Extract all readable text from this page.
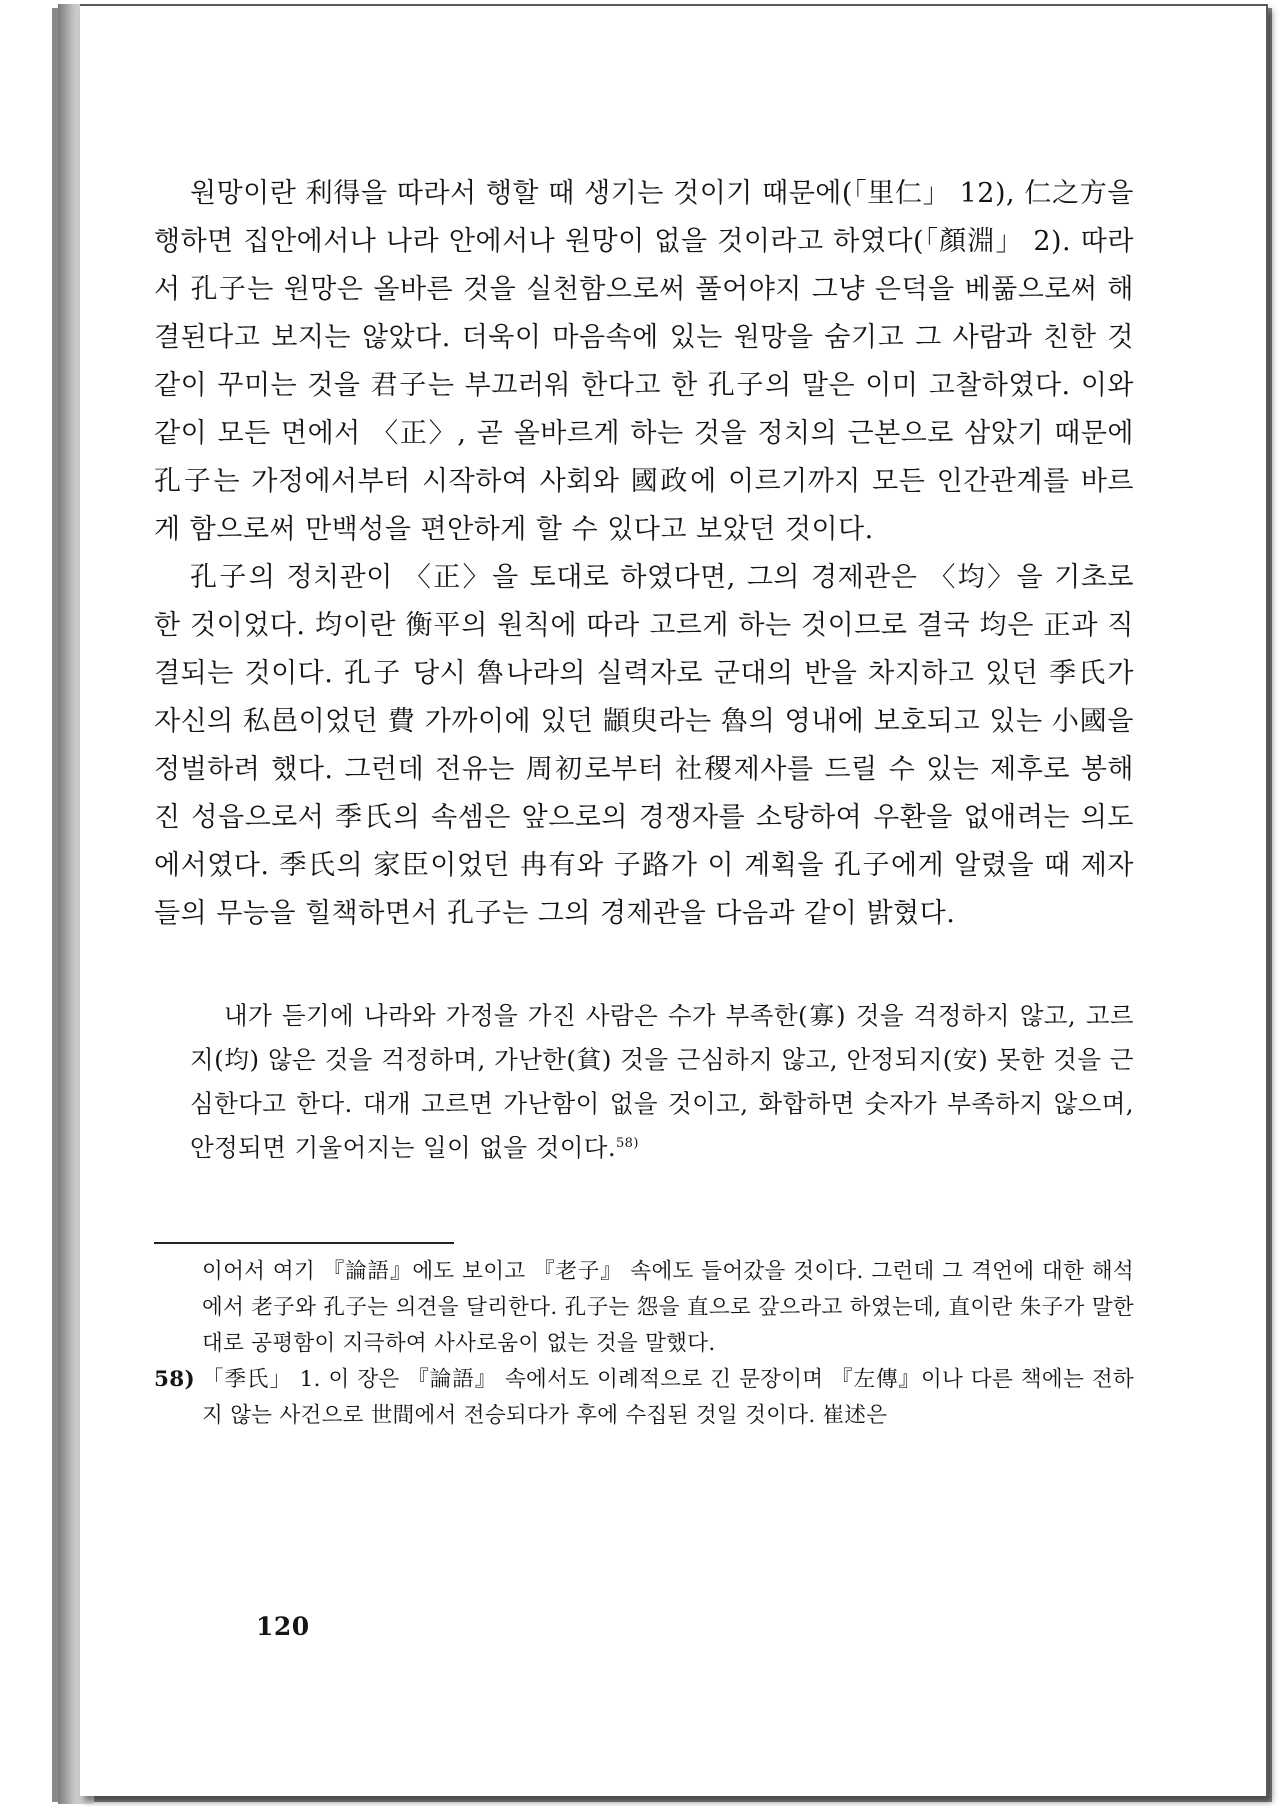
원망이란 利得을 따라서 행할 때 생기는 것이기 때문에(「里仁」 12), 仁之方을 행하면 집안에서나 나라 안에서나 원망이 없을 것이라고 하였다(「顏淵」 2). 따라서 孔子는 원망은 올바른 것을 실천함으로써 풀어야지 그냥 은덕을 베풂으로써 해결된다고 보지는 않았다. 더욱이 마음속에 있는 원망을 숨기고 그 사람과 친한 것같이 꾸미는 것을 君子는 부끄러워 한다고 한 孔子의 말은 이미 고찰하였다. 이와 같이 모든 면에서 〈正〉, 곧 올바르게 하는 것을 정치의 근본으로 삼았기 때문에 孔子는 가정에서부터 시작하여 사회와 國政에 이르기까지 모든 인간관계를 바르게 함으로써 만백성을 편안하게 할 수 있다고 보았던 것이다.

孔子의 정치관이 〈正〉을 토대로 하였다면, 그의 경제관은 〈均〉을 기초로 한 것이었다. 均이란 衡平의 원칙에 따라 고르게 하는 것이므로 결국 均은 正과 직결되는 것이다. 孔子 당시 魯나라의 실력자로 군대의 반을 차지하고 있던 季氏가 자신의 私邑이었던 費 가까이에 있던 顓臾라는 魯의 영내에 보호되고 있는 小國을 정벌하려 했다. 그런데 전유는 周初로부터 社稷제사를 드릴 수 있는 제후로 봉해진 성읍으로서 季氏의 속셈은 앞으로의 경쟁자를 소탕하여 우환을 없애려는 의도에서였다. 季氏의 家臣이었던 冉有와 子路가 이 계획을 孔子에게 알렸을 때 제자들의 무능을 힐책하면서 孔子는 그의 경제관을 다음과 같이 밝혔다.

내가 듣기에 나라와 가정을 가진 사람은 수가 부족한(寡) 것을 걱정하지 않고, 고르지(均) 않은 것을 걱정하며, 가난한(貧) 것을 근심하지 않고, 안정되지(安) 못한 것을 근심한다고 한다. 대개 고르면 가난함이 없을 것이고, 화합하면 숫자가 부족하지 않으며, 안정되면 기울어지는 일이 없을 것이다.$^{58)}$

이어서 여기 『論語』에도 보이고 『老子』 속에도 들어갔을 것이다. 그런데 그 격언에 대한 해석에서 老子와 孔子는 의견을 달리한다. 孔子는 怨을 直으로 갚으라고 하였는데, 直이란 朱子가 말한 대로 공평함이 지극하여 사사로움이 없는 것을 말했다.
58) 「季氏」 1. 이 장은 『論語』 속에서도 이례적으로 긴 문장이며 『左傳』이나 다른 책에는 전하지 않는 사건으로 世間에서 전승되다가 후에 수집된 것일 것이다. 崔述은
120
